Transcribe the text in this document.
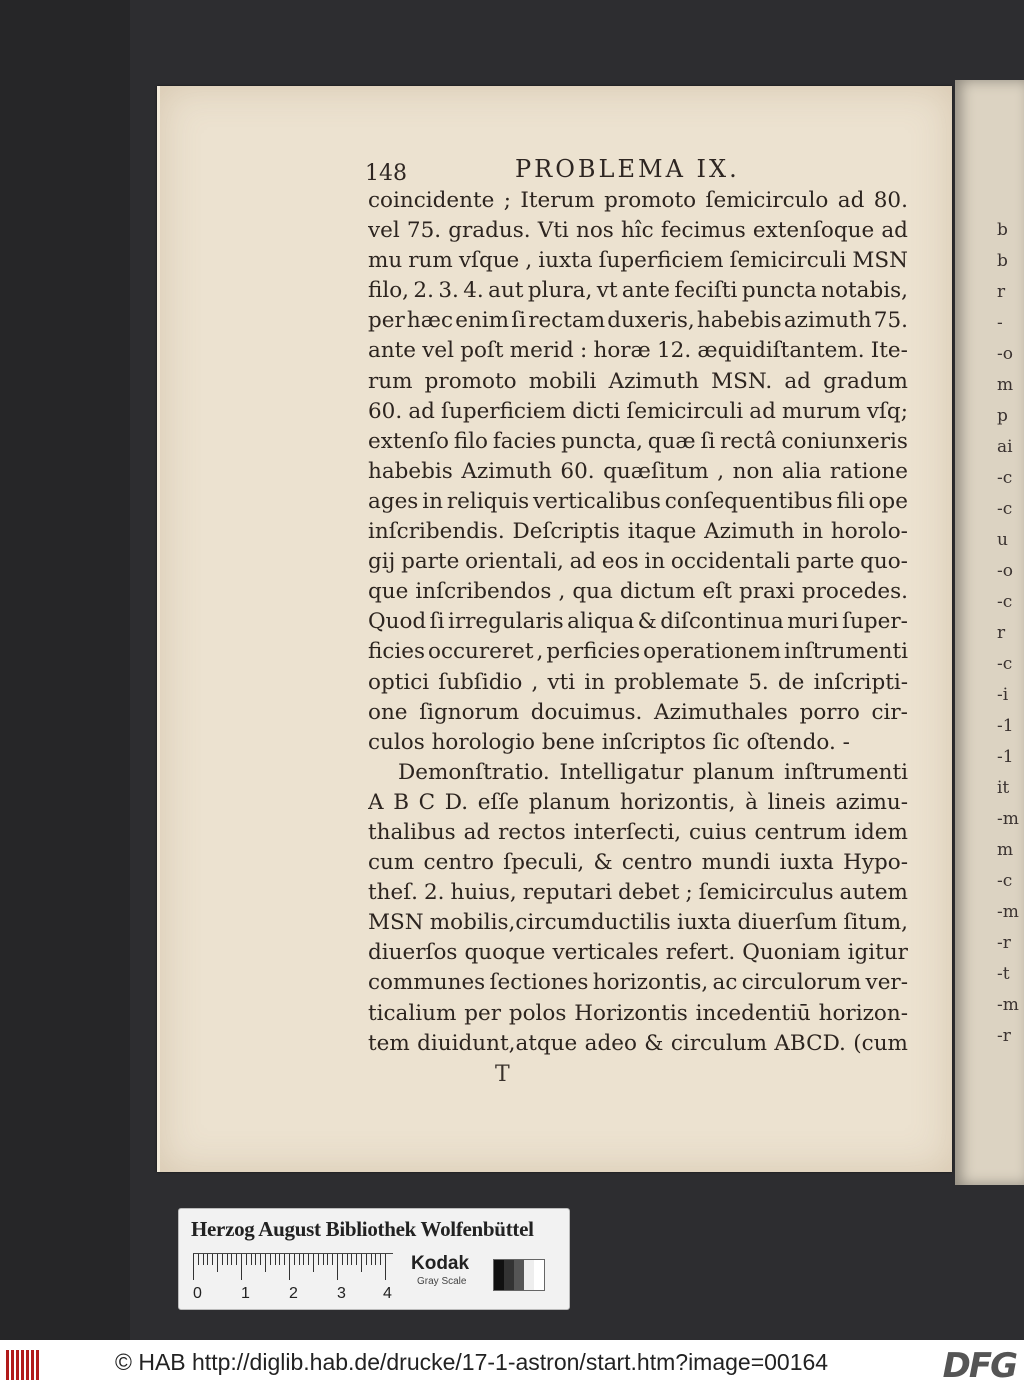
b
b
r
-
-o
m
p
ai
-c
-c
u
-o
-c
r
-c
-i
-1
-1
it
-m
m
-c
-m
-r
-t
-m
-r
148	PROBLEMA IX.
coincidente ; Iterum promoto ſemicirculo ad 80.
vel 75. gradus. Vti nos hîc fecimus extenſoque ad
mu rum vſque , iuxta ſuperficiem ſemicirculi MSN
filo, 2. 3. 4. aut plura, vt ante feciſti puncta notabis,
per hæc enim ſi rectam duxeris, habebis azimuth 75.
ante vel poſt merid : horæ 12. æquidiſtantem. Ite-
rum promoto mobili Azimuth MSN. ad gradum
60. ad ſuperficiem dicti ſemicirculi ad murum vſq;
extenſo filo facies puncta, quæ ſi rectâ coniunxeris
habebis Azimuth 60. quæſitum , non alia ratione
ages in reliquis verticalibus conſequentibus fili ope
inſcribendis. Deſcriptis itaque Azimuth in horolo-
gij parte orientali, ad eos in occidentali parte quo-
que inſcribendos , qua dictum eſt praxi procedes.
Quod ſi irregularis aliqua & diſcontinua muri ſuper-
ficies occureret , perficies operationem inſtrumenti
optici ſubſidio , vti in problemate 5. de inſcripti-
one ſignorum docuimus. Azimuthales porro cir-
culos horologio bene inſcriptos ſic oſtendo. -
Demonſtratio. Intelligatur planum inſtrumenti
A B C D. eſſe planum horizontis, à lineis azimu-
thalibus ad rectos interſecti, cuius centrum idem
cum centro ſpeculi, & centro mundi iuxta Hypo-
theſ. 2. huius, reputari debet ; ſemicirculus autem
MSN mobilis,circumductilis iuxta diuerſum ſitum,
diuerſos quoque verticales refert. Quoniam igitur
communes ſectiones horizontis, ac circulorum ver-
ticalium per polos Horizontis incedentiū horizon-
tem diuidunt,atque adeo & circulum ABCD. (cum
T
Herzog August Bibliothek Wolfenbüttel
0 1 2 3 4
Kodak
Gray Scale
© HAB http://diglib.hab.de/drucke/17-1-astron/start.htm?image=00164	DFG
